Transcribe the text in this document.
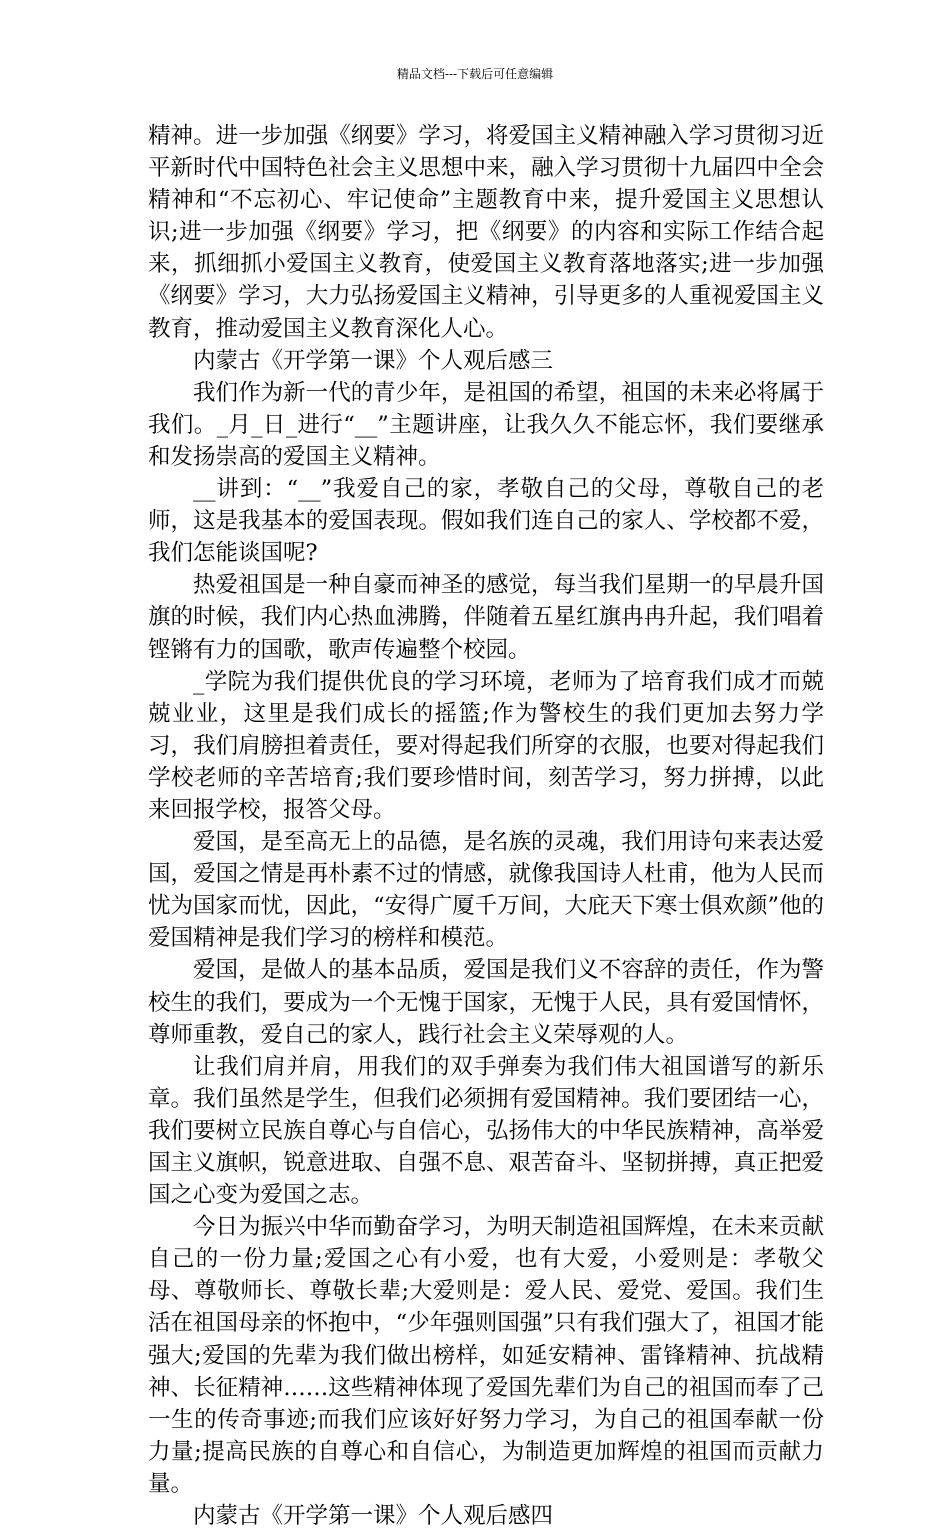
精品文档---下载后可任意编辑

精神。进一步加强《纲要》学习，将爱国主义精神融入学习贯彻习近平新时代中国特色社会主义思想中来，融入学习贯彻十九届四中全会精神和“不忘初心、牢记使命”主题教育中来，提升爱国主义思想认识;进一步加强《纲要》学习，把《纲要》的内容和实际工作结合起来，抓细抓小爱国主义教育，使爱国主义教育落地落实;进一步加强《纲要》学习，大力弘扬爱国主义精神，引导更多的人重视爱国主义教育，推动爱国主义教育深化人心。

内蒙古《开学第一课》个人观后感三

我们作为新一代的青少年，是祖国的希望，祖国的未来必将属于我们。_月_日_进行“__”主题讲座，让我久久不能忘怀，我们要继承和发扬崇高的爱国主义精神。

__讲到：“__”我爱自己的家，孝敬自己的父母，尊敬自己的老师，这是我基本的爱国表现。假如我们连自己的家人、学校都不爱，我们怎能谈国呢?

热爱祖国是一种自豪而神圣的感觉，每当我们星期一的早晨升国旗的时候，我们内心热血沸腾，伴随着五星红旗冉冉升起，我们唱着铿锵有力的国歌，歌声传遍整个校园。

_学院为我们提供优良的学习环境，老师为了培育我们成才而兢兢业业，这里是我们成长的摇篮;作为警校生的我们更加去努力学习，我们肩膀担着责任，要对得起我们所穿的衣服，也要对得起我们学校老师的辛苦培育;我们要珍惜时间，刻苦学习，努力拼搏，以此来回报学校，报答父母。

爱国，是至高无上的品德，是名族的灵魂，我们用诗句来表达爱国，爱国之情是再朴素不过的情感，就像我国诗人杜甫，他为人民而忧为国家而忧，因此，“安得广厦千万间，大庇天下寒士俱欢颜”他的爱国精神是我们学习的榜样和模范。

爱国，是做人的基本品质，爱国是我们义不容辞的责任，作为警校生的我们，要成为一个无愧于国家，无愧于人民，具有爱国情怀，尊师重教，爱自己的家人，践行社会主义荣辱观的人。

让我们肩并肩，用我们的双手弹奏为我们伟大祖国谱写的新乐章。我们虽然是学生，但我们必须拥有爱国精神。我们要团结一心，我们要树立民族自尊心与自信心，弘扬伟大的中华民族精神，高举爱国主义旗帜，锐意进取、自强不息、艰苦奋斗、坚韧拼搏，真正把爱国之心变为爱国之志。

今日为振兴中华而勤奋学习，为明天制造祖国辉煌，在未来贡献自己的一份力量;爱国之心有小爱，也有大爱，小爱则是：孝敬父母、尊敬师长、尊敬长辈;大爱则是：爱人民、爱党、爱国。我们生活在祖国母亲的怀抱中，“少年强则国强”只有我们强大了，祖国才能强大;爱国的先辈为我们做出榜样，如延安精神、雷锋精神、抗战精神、长征精神……这些精神体现了爱国先辈们为自己的祖国而奉了己一生的传奇事迹;而我们应该好好努力学习，为自己的祖国奉献一份力量;提高民族的自尊心和自信心，为制造更加辉煌的祖国而贡献力量。

内蒙古《开学第一课》个人观后感四
